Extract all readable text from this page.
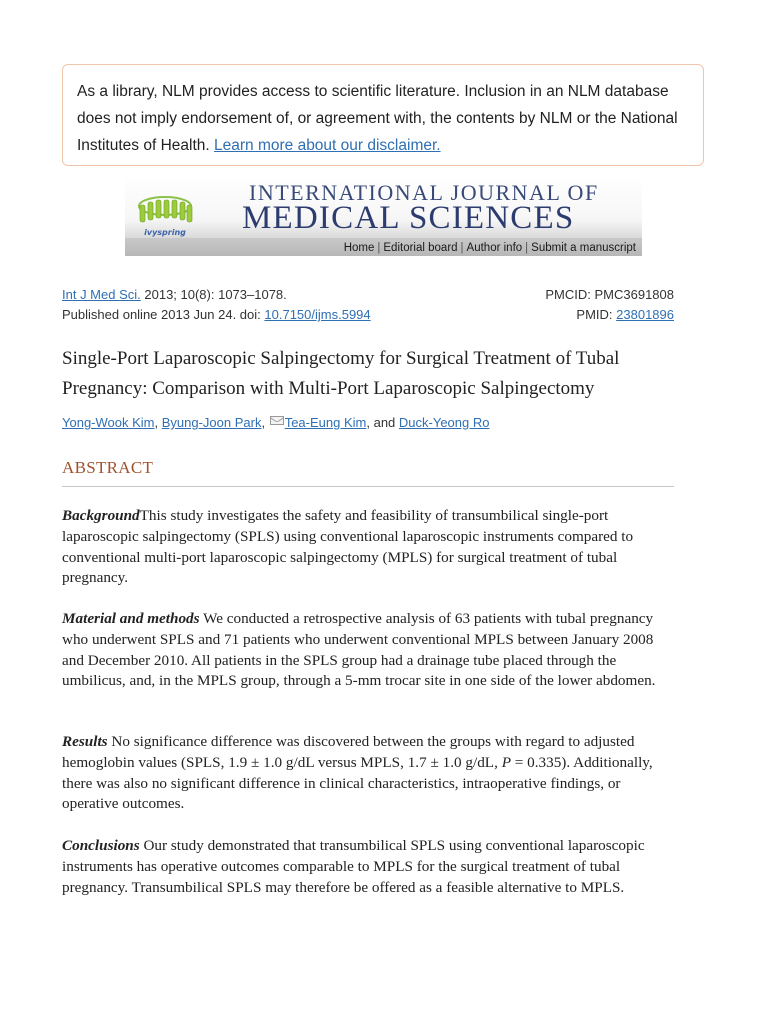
As a library, NLM provides access to scientific literature. Inclusion in an NLM database does not imply endorsement of, or agreement with, the contents by NLM or the National Institutes of Health. Learn more about our disclaimer.
ivyspring
INTERNATIONAL JOURNAL OF
MEDICAL SCIENCES
Home | Editorial board | Author info | Submit a manuscript
Int J Med Sci. 2013; 10(8): 1073–1078.	PMCID: PMC3691808
Published online 2013 Jun 24. doi: 10.7150/ijms.5994	PMID: 23801896
Single-Port Laparoscopic Salpingectomy for Surgical Treatment of Tubal Pregnancy: Comparison with Multi-Port Laparoscopic Salpingectomy
Yong-Wook Kim, Byung-Joon Park, Tea-Eung Kim, and Duck-Yeong Ro
ABSTRACT
BackgroundThis study investigates the safety and feasibility of transumbilical single-port laparoscopic salpingectomy (SPLS) using conventional laparoscopic instruments compared to conventional multi-port laparoscopic salpingectomy (MPLS) for surgical treatment of tubal pregnancy.
Material and methods We conducted a retrospective analysis of 63 patients with tubal pregnancy who underwent SPLS and 71 patients who underwent conventional MPLS between January 2008 and December 2010. All patients in the SPLS group had a drainage tube placed through the umbilicus, and, in the MPLS group, through a 5-mm trocar site in one side of the lower abdomen.
Results No significance difference was discovered between the groups with regard to adjusted hemoglobin values (SPLS, 1.9 ± 1.0 g/dL versus MPLS, 1.7 ± 1.0 g/dL, P = 0.335). Additionally, there was also no significant difference in clinical characteristics, intraoperative findings, or operative outcomes.
Conclusions Our study demonstrated that transumbilical SPLS using conventional laparoscopic instruments has operative outcomes comparable to MPLS for the surgical treatment of tubal pregnancy. Transumbilical SPLS may therefore be offered as a feasible alternative to MPLS.
